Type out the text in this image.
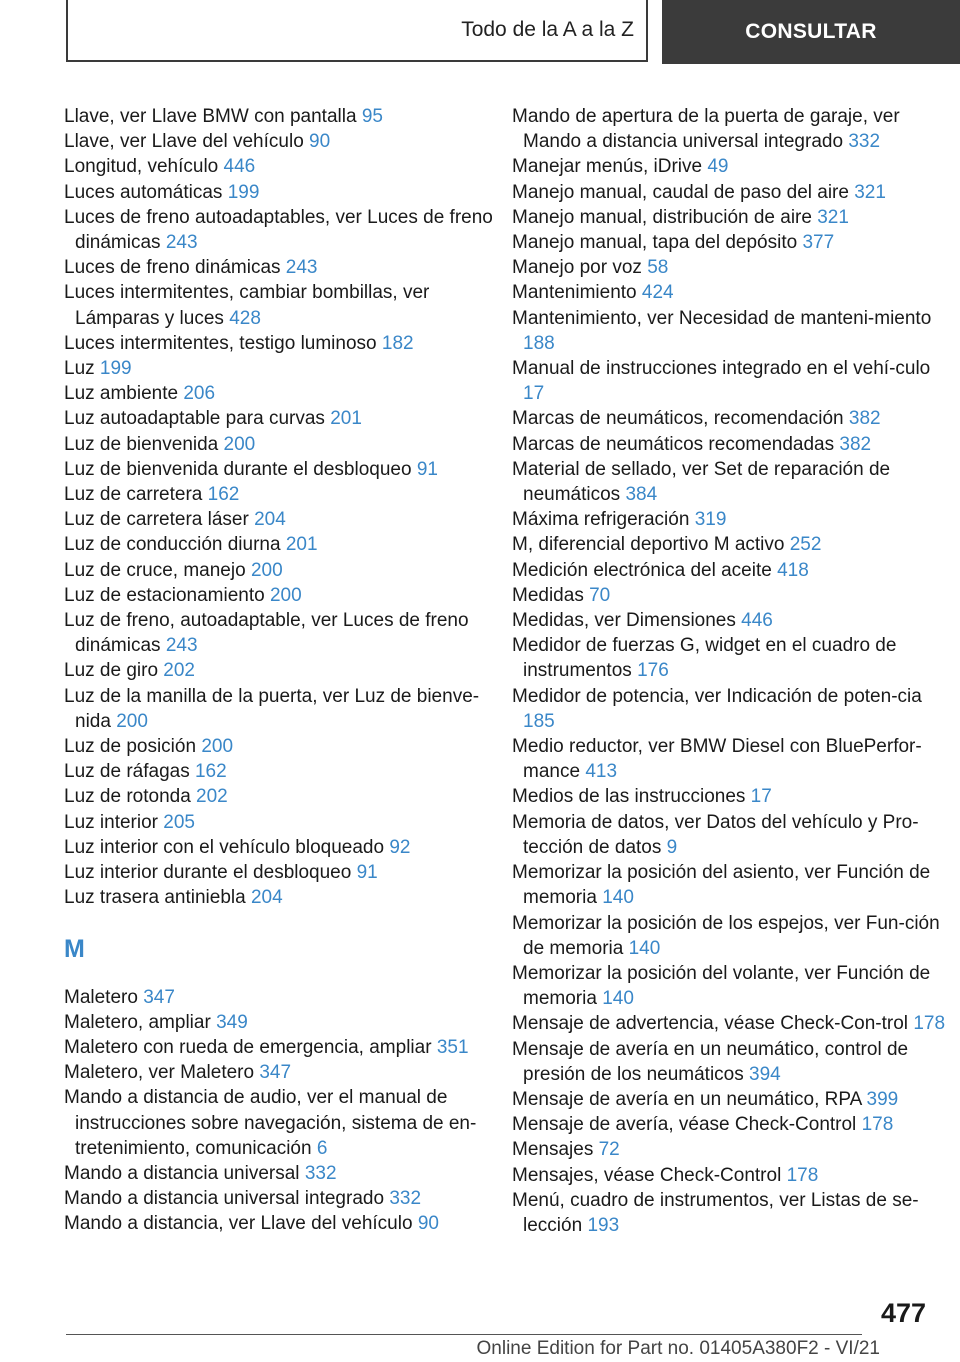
Todo de la A a la Z	CONSULTAR
Llave, ver Llave BMW con pantalla 95
Llave, ver Llave del vehículo 90
Longitud, vehículo 446
Luces automáticas 199
Luces de freno autoadaptables, ver Luces de freno dinámicas 243
Luces de freno dinámicas 243
Luces intermitentes, cambiar bombillas, ver Lámparas y luces 428
Luces intermitentes, testigo luminoso 182
Luz 199
Luz ambiente 206
Luz autoadaptable para curvas 201
Luz de bienvenida 200
Luz de bienvenida durante el desbloqueo 91
Luz de carretera 162
Luz de carretera láser 204
Luz de conducción diurna 201
Luz de cruce, manejo 200
Luz de estacionamiento 200
Luz de freno, autoadaptable, ver Luces de freno dinámicas 243
Luz de giro 202
Luz de la manilla de la puerta, ver Luz de bienve-nida 200
Luz de posición 200
Luz de ráfagas 162
Luz de rotonda 202
Luz interior 205
Luz interior con el vehículo bloqueado 92
Luz interior durante el desbloqueo 91
Luz trasera antiniebla 204
M
Maletero 347
Maletero, ampliar 349
Maletero con rueda de emergencia, ampliar 351
Maletero, ver Maletero 347
Mando a distancia de audio, ver el manual de instrucciones sobre navegación, sistema de en-tretenimiento, comunicación 6
Mando a distancia universal 332
Mando a distancia universal integrado 332
Mando a distancia, ver Llave del vehículo 90
Mando de apertura de la puerta de garaje, ver Mando a distancia universal integrado 332
Manejar menús, iDrive 49
Manejo manual, caudal de paso del aire 321
Manejo manual, distribución de aire 321
Manejo manual, tapa del depósito 377
Manejo por voz 58
Mantenimiento 424
Mantenimiento, ver Necesidad de manteni-miento 188
Manual de instrucciones integrado en el vehí-culo 17
Marcas de neumáticos, recomendación 382
Marcas de neumáticos recomendadas 382
Material de sellado, ver Set de reparación de neumáticos 384
Máxima refrigeración 319
M, diferencial deportivo M activo 252
Medición electrónica del aceite 418
Medidas 70
Medidas, ver Dimensiones 446
Medidor de fuerzas G, widget en el cuadro de instrumentos 176
Medidor de potencia, ver Indicación de poten-cia 185
Medio reductor, ver BMW Diesel con BluePerfor-mance 413
Medios de las instrucciones 17
Memoria de datos, ver Datos del vehículo y Pro-tección de datos 9
Memorizar la posición del asiento, ver Función de memoria 140
Memorizar la posición de los espejos, ver Fun-ción de memoria 140
Memorizar la posición del volante, ver Función de memoria 140
Mensaje de advertencia, véase Check-Con-trol 178
Mensaje de avería en un neumático, control de presión de los neumáticos 394
Mensaje de avería en un neumático, RPA 399
Mensaje de avería, véase Check-Control 178
Mensajes 72
Mensajes, véase Check-Control 178
Menú, cuadro de instrumentos, ver Listas de se-lección 193
477
Online Edition for Part no. 01405A380F2 - VI/21
